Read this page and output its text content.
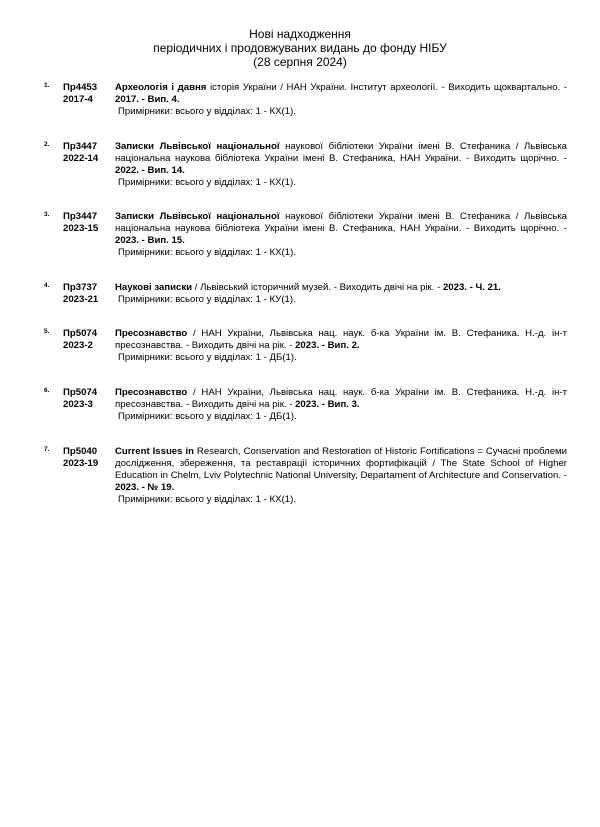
Нові надходження
періодичних і продовжуваних видань до фонду НІБУ
(28 серпня 2024)
1. Пр4453
2017-4
Археологія і давня історія України / НАН України. Інститут археології. - Виходить щоквартально. - 2017. - Вип. 4.
Примірники: всього у відділах: 1 - КХ(1).
2. Пр3447
2022-14
Записки Львівської національної наукової бібліотеки України імені В. Стефаника / Львівська національна наукова бібліотека України імені В. Стефаника, НАН України. - Виходить щорічно. - 2022. - Вип. 14.
Примірники: всього у відділах: 1 - КХ(1).
3. Пр3447
2023-15
Записки Львівської національної наукової бібліотеки України імені В. Стефаника / Львівська національна наукова бібліотека України імені В. Стефаника, НАН України. - Виходить щорічно. - 2023. - Вип. 15.
Примірники: всього у відділах: 1 - КХ(1).
4. Пр3737
2023-21
Наукові записки / Львівський історичний музей. - Виходить двічі на рік. - 2023. - Ч. 21.
Примірники: всього у відділах: 1 - КУ(1).
5. Пр5074
2023-2
Пресознавство / НАН України, Львівська нац. наук. б-ка України ім. В. Стефаника. Н.-д. ін-т пресознавства. - Виходить двічі на рік. - 2023. - Вип. 2.
Примірники: всього у відділах: 1 - ДБ(1).
6. Пр5074
2023-3
Пресознавство / НАН України, Львівська нац. наук. б-ка України ім. В. Стефаника. Н.-д. ін-т пресознавства. - Виходить двічі на рік. - 2023. - Вип. 3.
Примірники: всього у відділах: 1 - ДБ(1).
7. Пр5040
2023-19
Current Issues in Research, Conservation and Restoration of Historic Fortifications = Сучасні проблеми дослідження, збереження, та реставрації історичних фортифікацій / The State School of Higher Education in Chelm, Lviv Polytechnic National University, Departament of Architecture and Conservation. - 2023. - № 19.
Примірники: всього у відділах: 1 - КХ(1).
